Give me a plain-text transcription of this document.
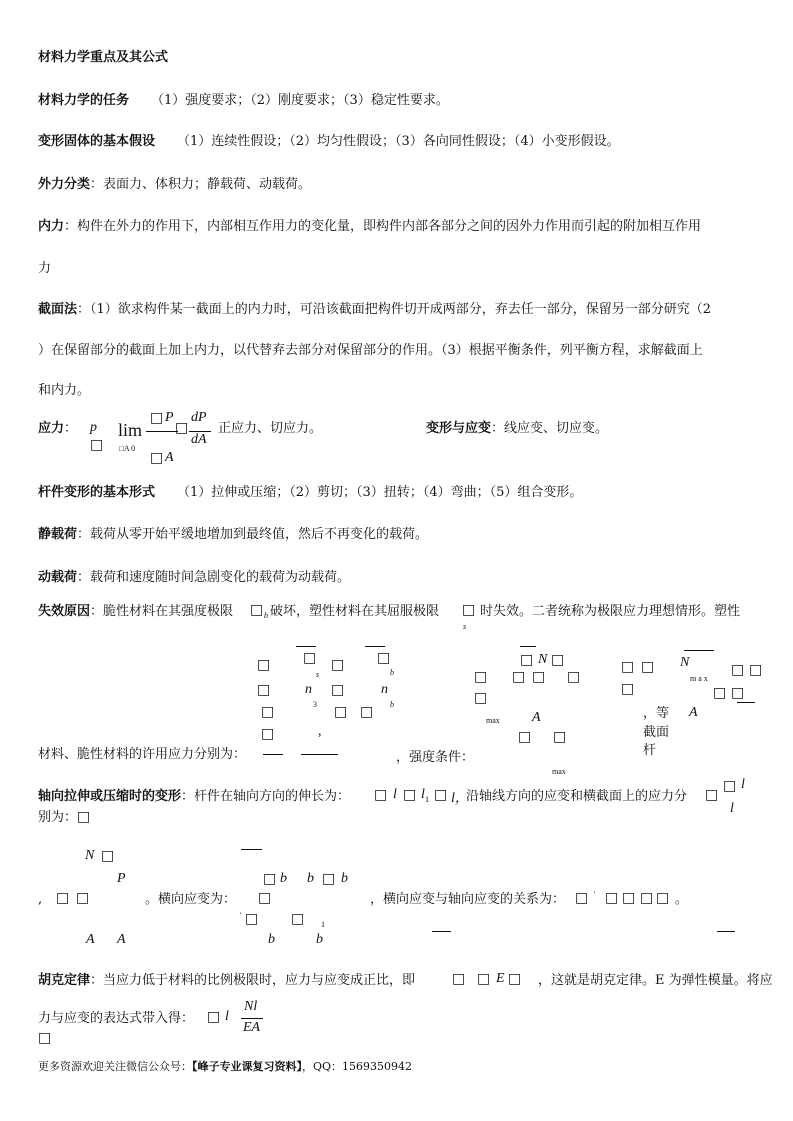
材料力学重点及其公式
材料力学的任务 （1）强度要求；（2）刚度要求；（3）稳定性要求。
变形固体的基本假设 （1）连续性假设；（2）均匀性假设；（3）各向同性假设；（4）小变形假设。
外力分类：表面力、体积力；静载荷、动载荷。
内力：构件在外力的作用下，内部相互作用力的变化量，即构件内部各部分之间的因外力作用而引起的附加相互作用
力
截面法：（1）欲求构件某一截面上的内力时，可沿该截面把构件切开成两部分，弃去任一部分，保留另一部分研究（2
）在保留部分的截面上加上内力，以代替弃去部分对保留部分的作用。（3）根据平衡条件，列平衡方程，求解截面上
和内力。
应力： p
□
lim
□A 0
□ P
□ A
□
dP
dA
正应力、切应力。	变形与应变：线应变、切应变。
杆件变形的基本形式 （1）拉伸或压缩；（2）剪切；（3）扭转；（4）弯曲；（5）组合变形。
静载荷：载荷从零开始平缓地增加到最终值，然后不再变化的载荷。
动载荷：载荷和速度随时间急剧变化的载荷为动载荷。
失效原因：脆性材料在其强度极限 □ b 破坏，塑性材料在其屈服极限 □
s
时失效。二者统称为极限应力理想情形。塑性
□ □
s
□ □
b
□ n □	n
3	b
□	□ □
,
□
□ N □
□ □ □ □
□
max A
□ □
max
□ □ N
m a x
□ □
□	□ □
，等 A
截面
杆
材料、脆性材料的许用应力分别为：	，强度条件：
轴向拉伸或压缩时的变形：杆件在轴向方向的伸长为： □ l □ l 1 □ l，
沿轴线方向的应变和横截面上的应力分 □
□ l
l
别为：□
N □
P	□ b b □ b
, □ □	。横向应变为： □	，横向应变与轴向应变的关系为： □ ' □ □ □ □ 。
' □ □ 1
A A	b	b
胡克定律：当应力低于材料的比例极限时，应力与应变成正比，即	□ □ E □ ，这就是胡克定律。E 为弹性模量。将应
力与应变的表达式带入得： □ l
Nl
EA
□
更多资源欢迎关注微信公众号：【峰子专业课复习资料】，QQ：1569350942
